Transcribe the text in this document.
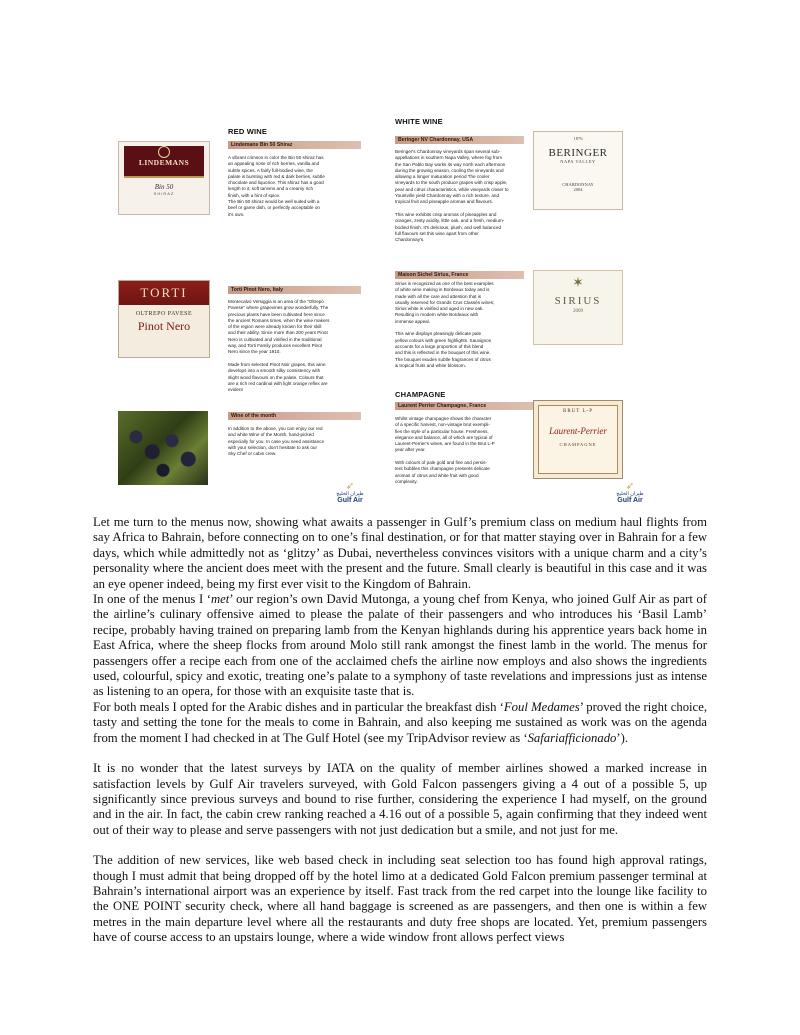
RED WINE
WHITE WINE
LINDEMANS
Bin 50
SHIRAZ
Lindemans Bin 50 Shiraz
A vibrant crimson in color the Bin 50 shiraz has
an appealing nose of rich berries, vanilla and
subtle spices. A fairly full-bodied wine, the
palate is bursting with red & dark berries, subtle
chocolate and liquorice. This shiraz has a good
length to it, soft tannins and a creamy rich
finish, with a hint of spice.
The Bin 50 shiraz would be well suited with a
beef or game dish, or perfectly acceptable on
it's own.
TORTI
OLTREPO PAVESE
Pinot Nero
Torti Pinot Nero, Italy
Montecalvo Versiggia is an area of the "Oltrepò
Pavese" where grapevines grow wonderfully. The
precious plants have been cultivated here since
the ancient Romans times, when the wine makers
of the region were already known for their skill
and their ability. Since more than 200 years Pinot
Nero is cultivated and vinified in the traditional
way, and Torti Family produces excellent Pinot
Nero since the year 1910.

Made from selected Pinot Noir grapes, this wine
develops into a smooth silky consistency with
slight wood flavours on the palate. Colours that
are a rich red cardinal with light orange reflex are
evident
Wine of the month
In addition to the above, you can enjoy our red
and white Wine of the Month, hand-picked
especially for you. In case you need assistance
with your selection, don't hesitate to ask our
Sky Chef or cabin crew.
Beringer NV Chardonnay, USA
Beringer's Chardonnay vineyards span several sub-
appellations in southern Napa Valley, where fog from
the San Pablo Bay works its way north each afternoon
during the growing season, cooling the vineyards and
allowing a longer maturation period The cooler
vineyards to the south produce grapes with crisp apple,
pear and citrus characteristics, while vineyards closer to
Yountville yield Chardonnay with a rich texture, and
tropical fruit and pineapple aromas and flavours.

This wine exhibits crisp aromas of pineapples and
oranges, zesty acidity, little oak, and a fresh, medium-
bodied finish. It's delicious, plush, and well balanced
full flavours set this wine apart from other
Chardonnay's.
1876
BERINGER
NAPA VALLEY
CHARDONNAY
2004
Maison Sichel Sirius, France
Sirius is recognized as one of the best examples
of white wine making in Bordeaux today and is
made with all the care and attention that is
usually reserved for Grands Crus Classés wines;
Sirius white is vinified and aged in new oak.
Resulting in modern white Bordeaux with
immense appeal.

This wine displays pleasingly delicate pale
yellow colours with green highlights. Sauvignon
accounts for a large proportion of this blend
and this is reflected in the bouquet of this wine.
The bouquet exudes subtle fragrances of citrus
& tropical fruits and white blossom.
✶
SIRIUS
2009
CHAMPAGNE
Laurent Perrier Champagne, France
Whilst vintage champagne shows the character
of a specific harvest, non-vintage brut exempli-
fies the style of a particular house. Freshness,
elegance and balance, all of which are typical of
Laurent-Perrier's wines, are found in the Brut L-P
year after year.

With colours of pale gold and fine and persis-
tent bubbles this champagne presents delicate
aromas of citrus and white fruit with good
complexity.
BRUT L-P
Laurent-Perrier
CHAMPAGNE
➶
طيران الخليج
Gulf Air
➶
طيران الخليج
Gulf Air

Let me turn to the menus now, showing what awaits a passenger in Gulf’s premium class on medium haul flights from say Africa to Bahrain, before connecting on to one’s final destination, or for that matter staying over in Bahrain for a few days, which while admittedly not as ‘glitzy’ as Dubai, nevertheless convinces visitors with a unique charm and a city’s personality where the ancient does meet with the present and the future. Small clearly is beautiful in this case and it was an eye opener indeed, being my first ever visit to the Kingdom of Bahrain.

In one of the menus I ‘met’ our region’s own David Mutonga, a young chef from Kenya, who joined Gulf Air as part of the airline’s culinary offensive aimed to please the palate of their passengers and who introduces his ‘Basil Lamb’ recipe, probably having trained on preparing lamb from the Kenyan highlands during his apprentice years back home in East Africa, where the sheep flocks from around Molo still rank amongst the finest lamb in the world. The menus for passengers offer a recipe each from one of the acclaimed chefs the airline now employs and also shows the ingredients used, colourful, spicy and exotic, treating one’s palate to a symphony of taste revelations and impressions just as intense as listening to an opera, for those with an exquisite taste that is.

For both meals I opted for the Arabic dishes and in particular the breakfast dish ‘Foul Medames’ proved the right choice, tasty and setting the tone for the meals to come in Bahrain, and also keeping me sustained as work was on the agenda from the moment I had checked in at The Gulf Hotel (see my TripAdvisor review as ‘Safariafficionado’).

It is no wonder that the latest surveys by IATA on the quality of member airlines showed a marked increase in satisfaction levels by Gulf Air travelers surveyed, with Gold Falcon passengers giving a 4 out of a possible 5, up significantly since previous surveys and bound to rise further, considering the experience I had myself, on the ground and in the air. In fact, the cabin crew ranking reached a 4.16 out of a possible 5, again confirming that they indeed went out of their way to please and serve passengers with not just dedication but a smile, and not just for me.

The addition of new services, like web based check in including seat selection too has found high approval ratings, though I must admit that being dropped off by the hotel limo at a dedicated Gold Falcon premium passenger terminal at Bahrain’s international airport was an experience by itself. Fast track from the red carpet into the lounge like facility to the ONE POINT security check, where all hand baggage is screened as are passengers, and then one is within a few metres in the main departure level where all the restaurants and duty free shops are located. Yet, premium passengers have of course access to an upstairs lounge, where a wide window front allows perfect views
